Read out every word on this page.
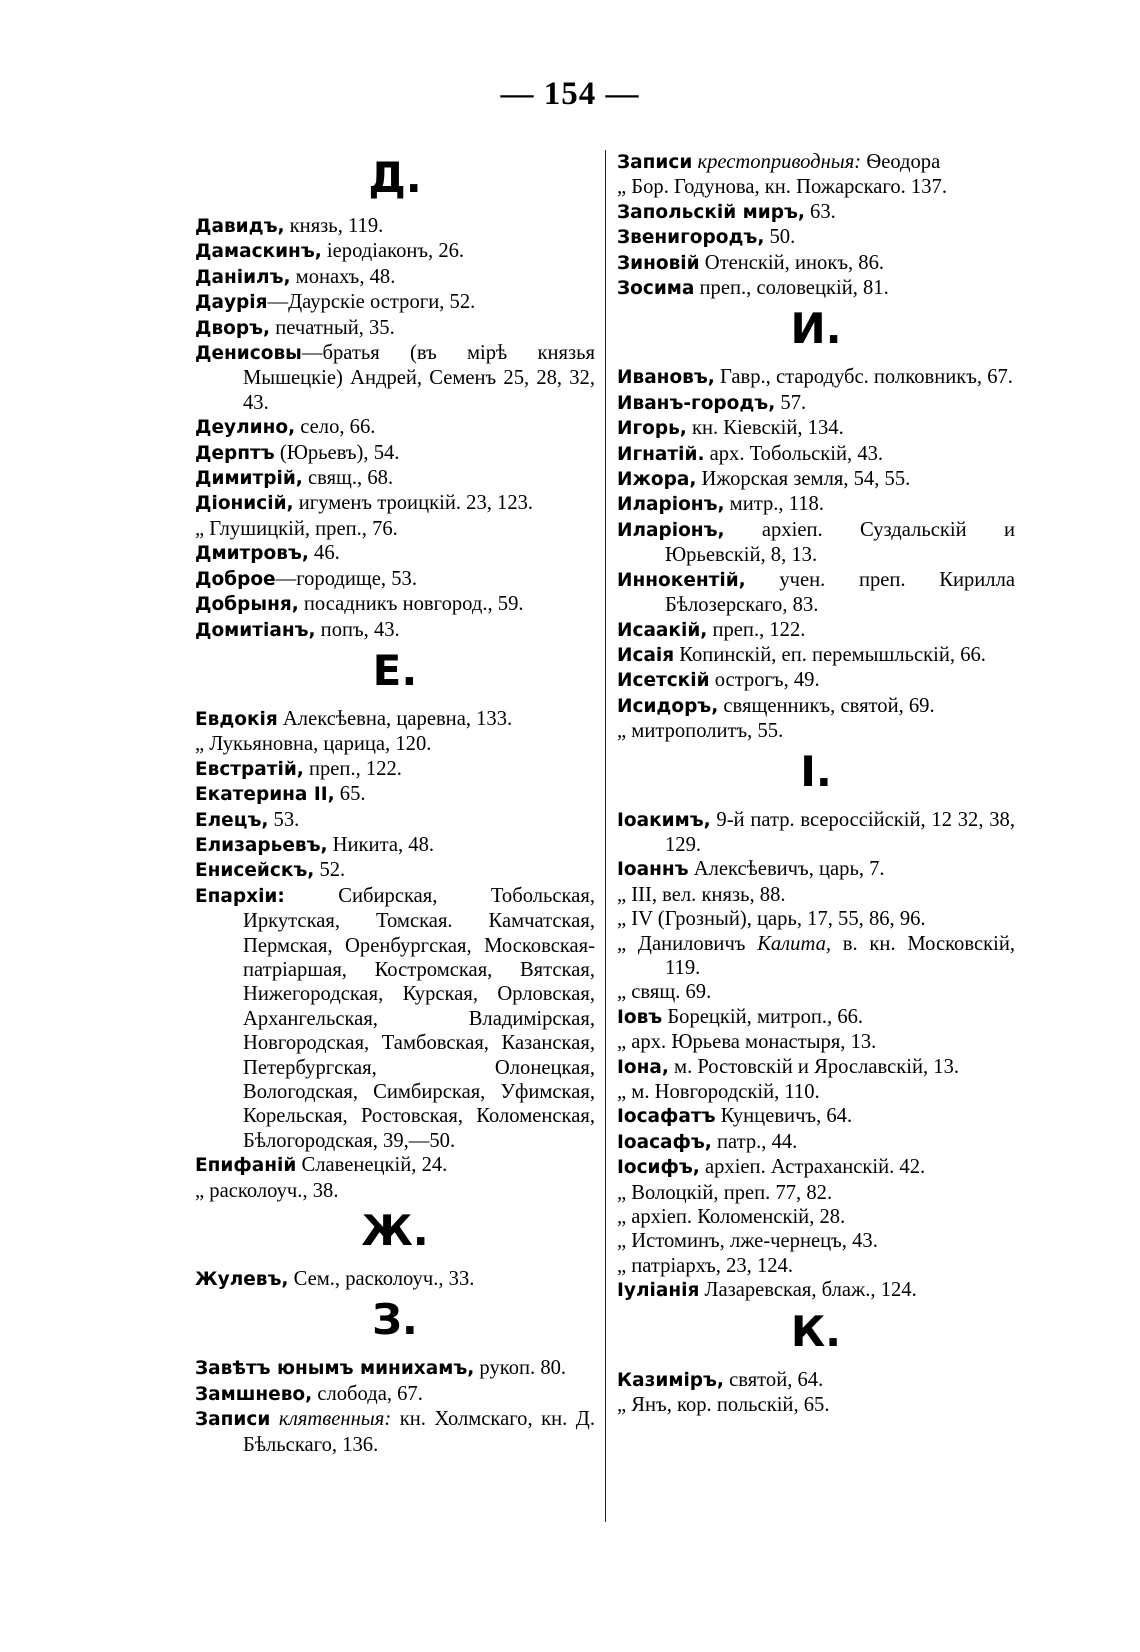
— 154 —
Д.
Давидъ, князь, 119.
Дамаскинъ, іеродіаконъ, 26.
Даніилъ, монахъ, 48.
Даурія—Даурскіе остроги, 52.
Дворъ, печатный, 35.
Денисовы—братья (въ мірѣ князья Мышецкіе) Андрей, Семенъ 25, 28, 32, 43.
Деулино, село, 66.
Дерптъ (Юрьевъ), 54.
Димитрій, свящ., 68.
Діонисій, игуменъ троицкій. 23, 123.
„ Глушицкій, преп., 76.
Дмитровъ, 46.
Доброе—городище, 53.
Добрыня, посадникъ новгород., 59.
Домитіанъ, попъ, 43.
Е.
Евдокія Алексѣевна, царевна, 133.
„ Лукьяновна, царица, 120.
Евстратій, преп., 122.
Екатерина II, 65.
Елецъ, 53.
Елизарьевъ, Никита, 48.
Енисейскъ, 52.
Епархіи: Сибирская, Тобольская, Иркутская, Томская. Камчатская, Пермская, Оренбургская, Московская-патріаршая, Костромская, Вятская, Нижегородская, Курская, Орловская, Архангельская, Владимірская, Новгородская, Тамбовская, Казанская, Петербургская, Олонецкая, Вологодская, Симбирская, Уфимская, Корельская, Ростовская, Коломенская, Бѣлогородская, 39,—50.
Епифаній Славенецкій, 24.
„ расколоуч., 38.
Ж.
Жулевъ, Сем., расколоуч., 33.
З.
Завѣтъ юнымъ минихамъ, рукоп. 80.
Замшнево, слобода, 67.
Записи клятвенныя: кн. Холмскаго, кн. Д. Бѣльскаго, 136.
Записи крестоприводныя: Ѳеодора
„ Бор. Годунова, кн. Пожарскаго. 137.
Запольскій миръ, 63.
Звенигородъ, 50.
Зиновій Отенскій, инокъ, 86.
Зосима преп., соловецкій, 81.
И.
Ивановъ, Гавр., стародубс. полковникъ, 67.
Иванъ-городъ, 57.
Игорь, кн. Кіевскій, 134.
Игнатій. арх. Тобольскій, 43.
Ижора, Ижорская земля, 54, 55.
Иларіонъ, митр., 118.
Иларіонъ, архіеп. Суздальскій и Юрьевскій, 8, 13.
Иннокентій, учен. преп. Кирилла Бѣлозерскаго, 83.
Исаакій, преп., 122.
Исаія Копинскій, еп. перемышльскій, 66.
Исетскій острогъ, 49.
Исидоръ, священникъ, святой, 69.
„ митрополитъ, 55.
I.
Іоакимъ, 9-й патр. всероссійскій, 12 32, 38, 129.
Іоаннъ Алексѣевичъ, царь, 7.
„ III, вел. князь, 88.
„ IV (Грозный), царь, 17, 55, 86, 96.
„ Даниловичъ Калита, в. кн. Московскій, 119.
„ свящ. 69.
Іовъ Борецкій, митроп., 66.
„ арх. Юрьева монастыря, 13.
Іона, м. Ростовскій и Ярославскій, 13.
„ м. Новгородскій, 110.
Іосафатъ Кунцевичъ, 64.
Іоасафъ, патр., 44.
Іосифъ, архіеп. Астраханскій. 42.
„ Волоцкій, преп. 77, 82.
„ архіеп. Коломенскій, 28.
„ Истоминъ, лже-чернецъ, 43.
„ патріархъ, 23, 124.
Іуліанія Лазаревская, блаж., 124.
К.
Казиміръ, святой, 64.
„ Янъ, кор. польскій, 65.
